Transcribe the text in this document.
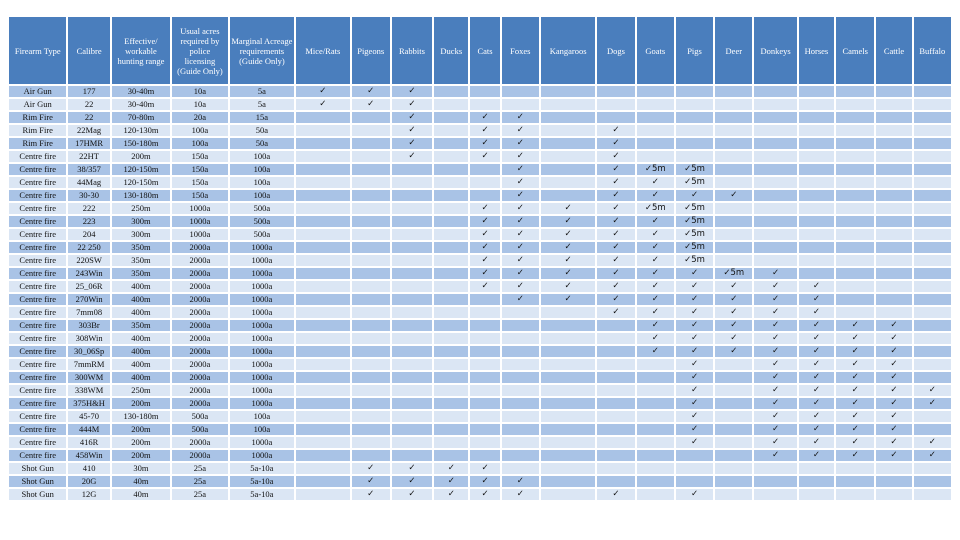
Firearm Type	Calibre	Effective/ workable hunting range	Usual acres required by police licensing (Guide Only)	Marginal Acreage requirements (Guide Only)	Mice/Rats	Pigeons	Rabbits	Ducks	Cats	Foxes	Kangaroos	Dogs	Goats	Pigs	Deer	Donkeys	Horses	Camels	Cattle	Buffalo
Air Gun	177	30-40m	10a	5a	✓	✓	✓													
Air Gun	22	30-40m	10a	5a	✓	✓	✓													
Rim Fire	22	70-80m	20a	15a			✓		✓	✓										
Rim Fire	22Mag	120-130m	100a	50a			✓		✓	✓		✓								
Rim Fire	17HMR	150-180m	100a	50a			✓		✓	✓		✓								
Centre fire	22HT	200m	150a	100a			✓		✓	✓		✓								
Centre fire	38/357	120-150m	150a	100a						✓		✓	✓5m	✓5m						
Centre fire	44Mag	120-150m	150a	100a						✓		✓	✓	✓5m						
Centre fire	30-30	130-180m	150a	100a						✓		✓	✓	✓	✓					
Centre fire	222	250m	1000a	500a					✓	✓	✓	✓	✓5m	✓5m						
Centre fire	223	300m	1000a	500a					✓	✓	✓	✓	✓	✓5m						
Centre fire	204	300m	1000a	500a					✓	✓	✓	✓	✓	✓5m						
Centre fire	22 250	350m	2000a	1000a					✓	✓	✓	✓	✓	✓5m						
Centre fire	220SW	350m	2000a	1000a					✓	✓	✓	✓	✓	✓5m						
Centre fire	243Win	350m	2000a	1000a					✓	✓	✓	✓	✓	✓	✓5m	✓				
Centre fire	25_06R	400m	2000a	1000a					✓	✓	✓	✓	✓	✓	✓	✓	✓			
Centre fire	270Win	400m	2000a	1000a						✓	✓	✓	✓	✓	✓	✓	✓			
Centre fire	7mm08	400m	2000a	1000a								✓	✓	✓	✓	✓	✓			
Centre fire	303Br	350m	2000a	1000a									✓	✓	✓	✓	✓	✓	✓	
Centre fire	308Win	400m	2000a	1000a									✓	✓	✓	✓	✓	✓	✓	
Centre fire	30_06Sp	400m	2000a	1000a									✓	✓	✓	✓	✓	✓	✓	
Centre fire	7mmRM	400m	2000a	1000a										✓		✓	✓	✓	✓	
Centre fire	300WM	400m	2000a	1000a										✓		✓	✓	✓	✓	
Centre fire	338WM	250m	2000a	1000a										✓		✓	✓	✓	✓	✓
Centre fire	375H&H	200m	2000a	1000a										✓		✓	✓	✓	✓	✓
Centre fire	45-70	130-180m	500a	100a										✓		✓	✓	✓	✓	
Centre fire	444M	200m	500a	100a										✓		✓	✓	✓	✓	
Centre fire	416R	200m	2000a	1000a										✓		✓	✓	✓	✓	✓
Centre fire	458Win	200m	2000a	1000a												✓	✓	✓	✓	✓
Shot Gun	410	30m	25a	5a-10a		✓	✓	✓	✓											
Shot Gun	20G	40m	25a	5a-10a		✓	✓	✓	✓	✓										
Shot Gun	12G	40m	25a	5a-10a		✓	✓	✓	✓	✓		✓		✓						
